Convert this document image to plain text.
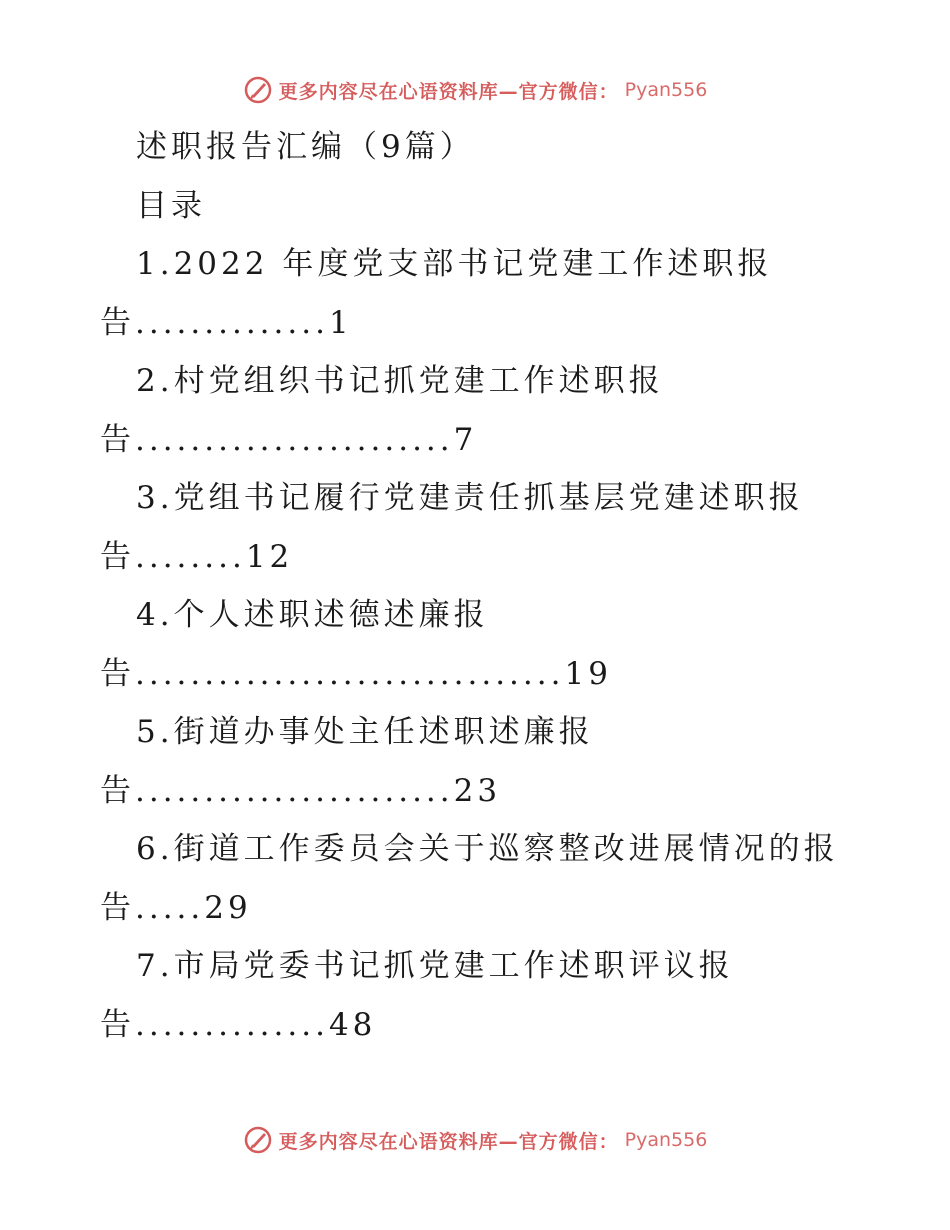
更多内容尽在心语资料库—官方微信： Pyan556
述职报告汇编（9篇）
目录
1.2022 年度党支部书记党建工作述职报
告..............1
2.村党组织书记抓党建工作述职报
告.......................7
3.党组书记履行党建责任抓基层党建述职报
告........12
4.个人述职述德述廉报
告...............................19
5.街道办事处主任述职述廉报
告.......................23
6.街道工作委员会关于巡察整改进展情况的报
告.....29
7.市局党委书记抓党建工作述职评议报
告..............48
更多内容尽在心语资料库—官方微信： Pyan556
